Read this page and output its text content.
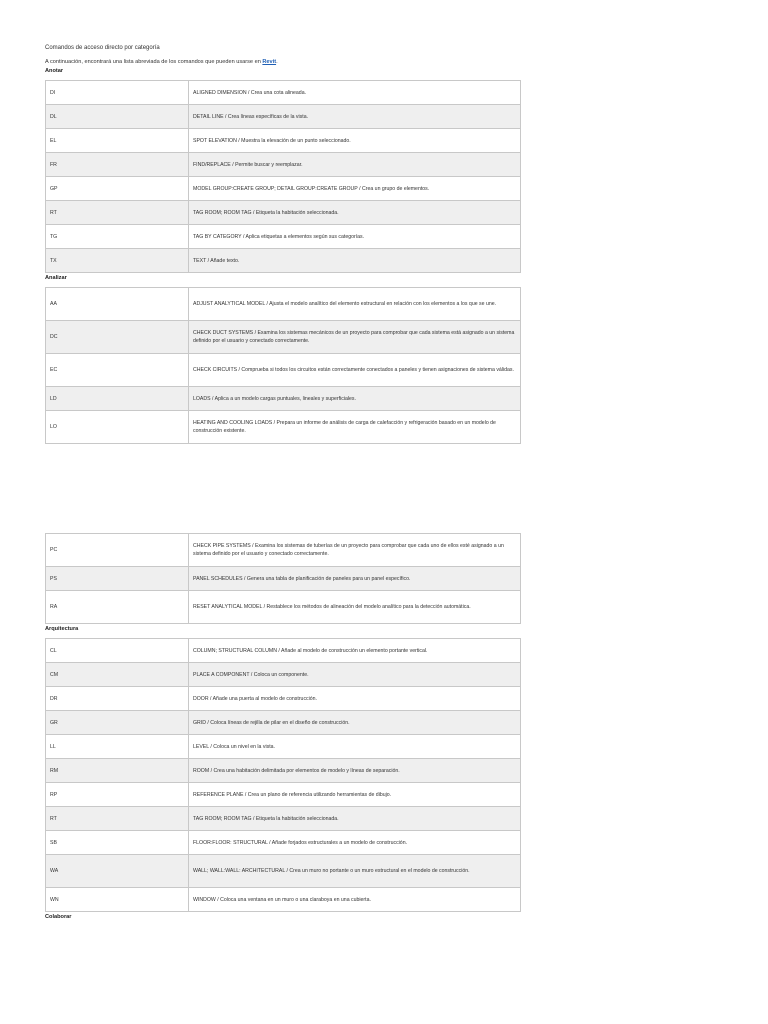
Comandos de acceso directo por categoría
A continuación, encontrará una lista abreviada de los comandos que pueden usarse en Revit.
Anotar
DI	ALIGNED DIMENSION / Crea una cota alineada.
DL	DETAIL LINE / Crea líneas específicas de la vista.
EL	SPOT ELEVATION / Muestra la elevación de un punto seleccionado.
FR	FIND/REPLACE / Permite buscar y reemplazar.
GP	MODEL GROUP:CREATE GROUP; DETAIL GROUP:CREATE GROUP / Crea un grupo de elementos.
RT	TAG ROOM; ROOM TAG / Etiqueta la habitación seleccionada.
TG	TAG BY CATEGORY / Aplica etiquetas a elementos según sus categorías.
TX	TEXT / Añade texto.
Analizar
AA	ADJUST ANALYTICAL MODEL / Ajusta el modelo analítico del elemento estructural en relación con los elementos a los que se une.
DC	CHECK DUCT SYSTEMS / Examina los sistemas mecánicos de un proyecto para comprobar que cada sistema está asignado a un sistema definido por el usuario y conectado correctamente.
EC	CHECK CIRCUITS / Comprueba si todos los circuitos están correctamente conectados a paneles y tienen asignaciones de sistema válidas.
LD	LOADS / Aplica a un modelo cargas puntuales, lineales y superficiales.
LO	HEATING AND COOLING LOADS / Prepara un informe de análisis de carga de calefacción y refrigeración basado en un modelo de construcción existente.
PC	CHECK PIPE SYSTEMS / Examina los sistemas de tuberías de un proyecto para comprobar que cada uno de ellos esté asignado a un sistema definido por el usuario y conectado correctamente.
PS	PANEL SCHEDULES / Genera una tabla de planificación de paneles para un panel específico.
RA	RESET ANALYTICAL MODEL / Restablece los métodos de alineación del modelo analítico para la detección automática.
Arquitectura
CL	COLUMN; STRUCTURAL COLUMN / Añade al modelo de construcción un elemento portante vertical.
CM	PLACE A COMPONENT / Coloca un componente.
DR	DOOR / Añade una puerta al modelo de construcción.
GR	GRID / Coloca líneas de rejilla de pilar en el diseño de construcción.
LL	LEVEL / Coloca un nivel en la vista.
RM	ROOM / Crea una habitación delimitada por elementos de modelo y líneas de separación.
RP	REFERENCE PLANE / Crea un plano de referencia utilizando herramientas de dibujo.
RT	TAG ROOM; ROOM TAG / Etiqueta la habitación seleccionada.
SB	FLOOR:FLOOR: STRUCTURAL / Añade forjados estructurales a un modelo de construcción.
WA	WALL; WALL:WALL: ARCHITECTURAL / Crea un muro no portante o un muro estructural en el modelo de construcción.
WN	WINDOW / Coloca una ventana en un muro o una claraboya en una cubierta.
Colaborar
